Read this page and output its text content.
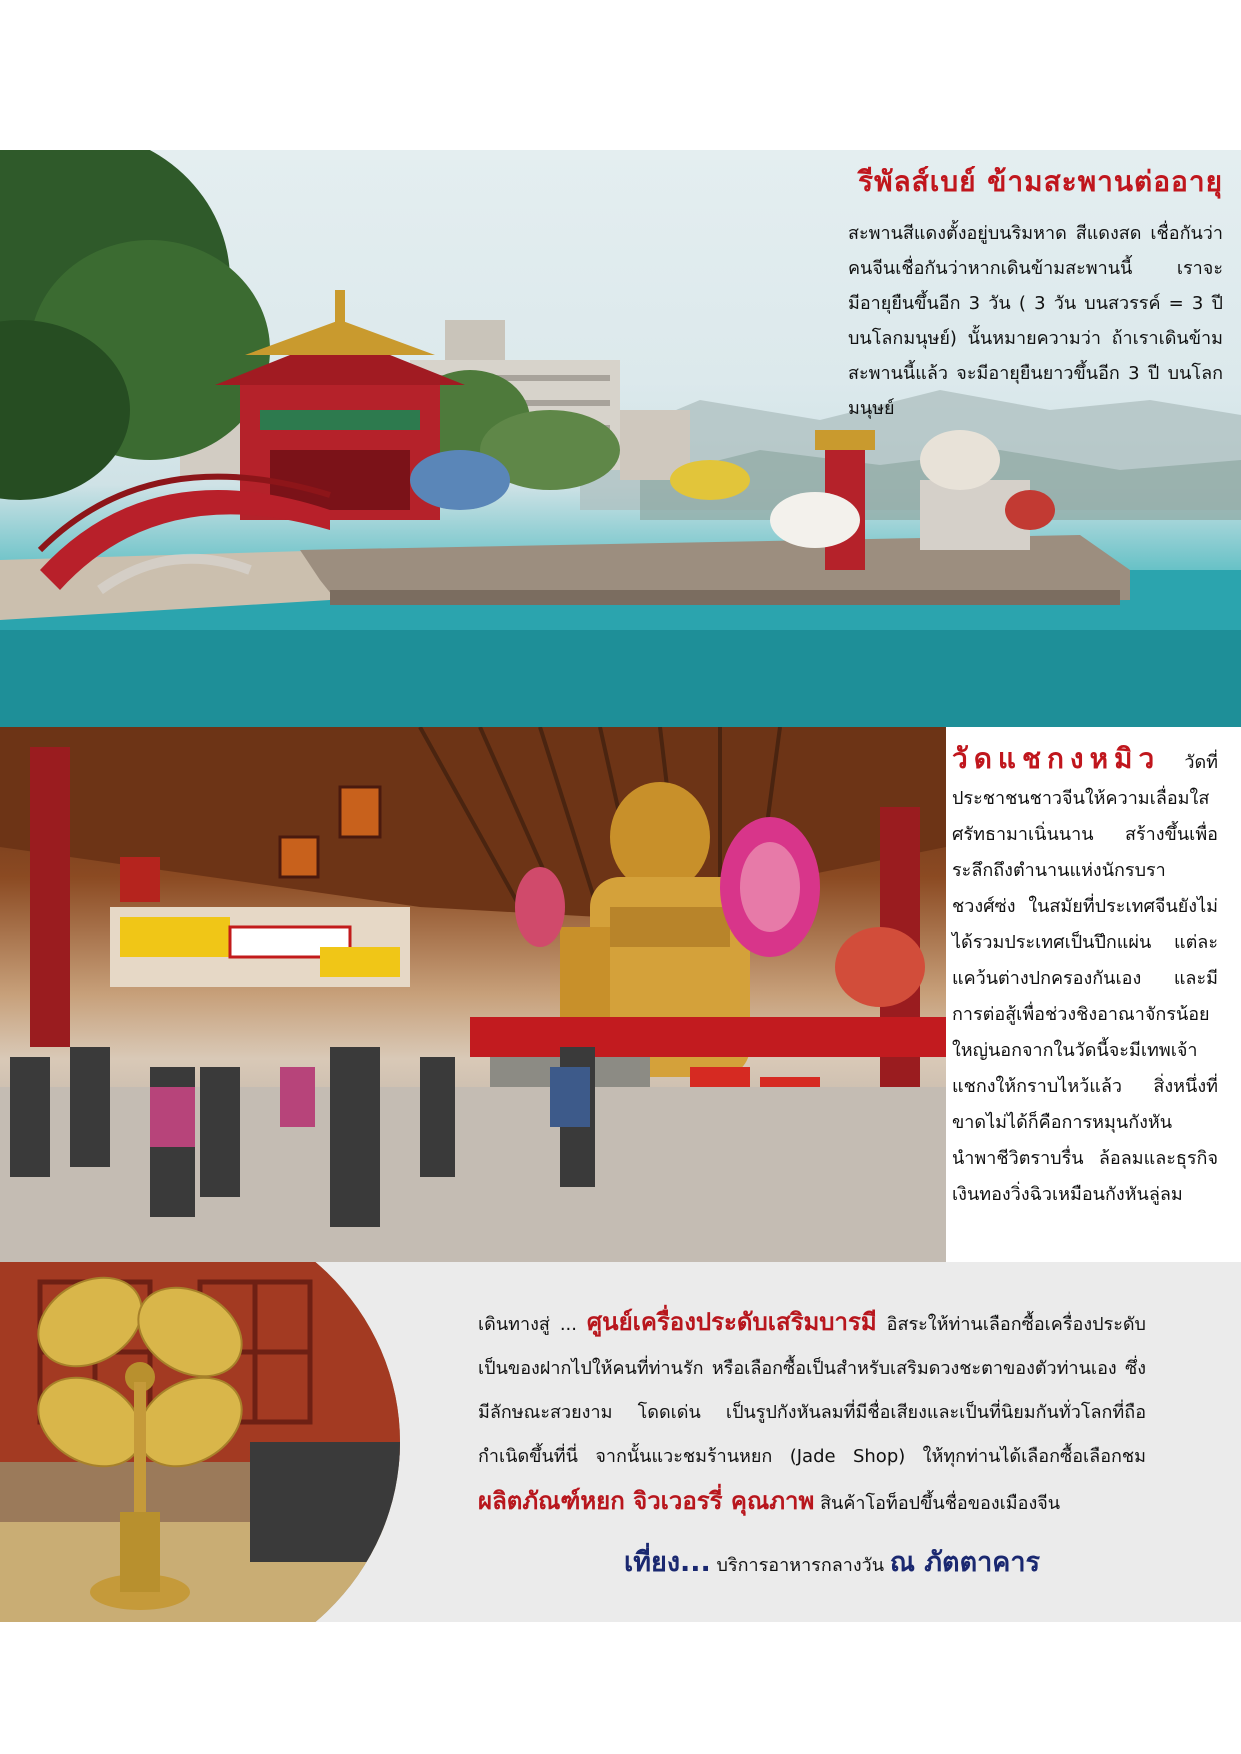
รีพัลส์เบย์ ข้ามสะพานต่ออายุ

สะพานสีแดงตั้งอยู่บนริมหาด สีแดงสด เชื่อกันว่า คนจีนเชื่อกันว่าหากเดินข้ามสะพานนี้ เราจะมีอายุยืนขึ้นอีก 3 วัน ( 3 วัน บนสวรรค์ = 3 ปี บนโลกมนุษย์) นั้นหมายความว่า ถ้าเราเดินข้ามสะพานนี้แล้ว จะมีอายุยืนยาวขึ้นอีก 3 ปี บนโลกมนุษย์

วัดแชกงหมิว วัดที่ประชาชนชาวจีนให้ความเลื่อมใสศรัทธามาเนิ่นนาน สร้างขึ้นเพื่อระลึกถึงตำนานแห่งนักรบราชวงศ์ซ่ง ในสมัยที่ประเทศจีนยังไม่ได้รวมประเทศเป็นปึกแผ่น แต่ละแคว้นต่างปกครองกันเอง และมีการต่อสู้เพื่อช่วงชิงอาณาจักรน้อยใหญ่นอกจากในวัดนี้จะมีเทพเจ้าแชกงให้กราบไหว้แล้ว สิ่งหนึ่งที่ขาดไม่ได้ก็คือการหมุนกังหัน นำพาชีวิตราบรื่น ล้อลมและธุรกิจเงินทองวิ่งฉิวเหมือนกังหันลู่ลม

เดินทางสู่ ... ศูนย์เครื่องประดับเสริมบารมี อิสระให้ท่านเลือกซื้อเครื่องประดับเป็นของฝากไปให้คนที่ท่านรัก หรือเลือกซื้อเป็นสำหรับเสริมดวงชะตาของตัวท่านเอง ซึ่งมีลักษณะสวยงาม โดดเด่น เป็นรูปกังหันลมที่มีชื่อเสียงและเป็นที่นิยมกันทั่วโลกที่ถือกำเนิดขึ้นที่นี่ จากนั้นแวะชมร้านหยก (Jade Shop) ให้ทุกท่านได้เลือกซื้อเลือกชม ผลิตภัณฑ์หยก จิวเวอรรี่ คุณภาพ สินค้าโอท็อปขึ้นชื่อของเมืองจีน

เที่ยง... บริการอาหารกลางวัน ณ ภัตตาคาร
